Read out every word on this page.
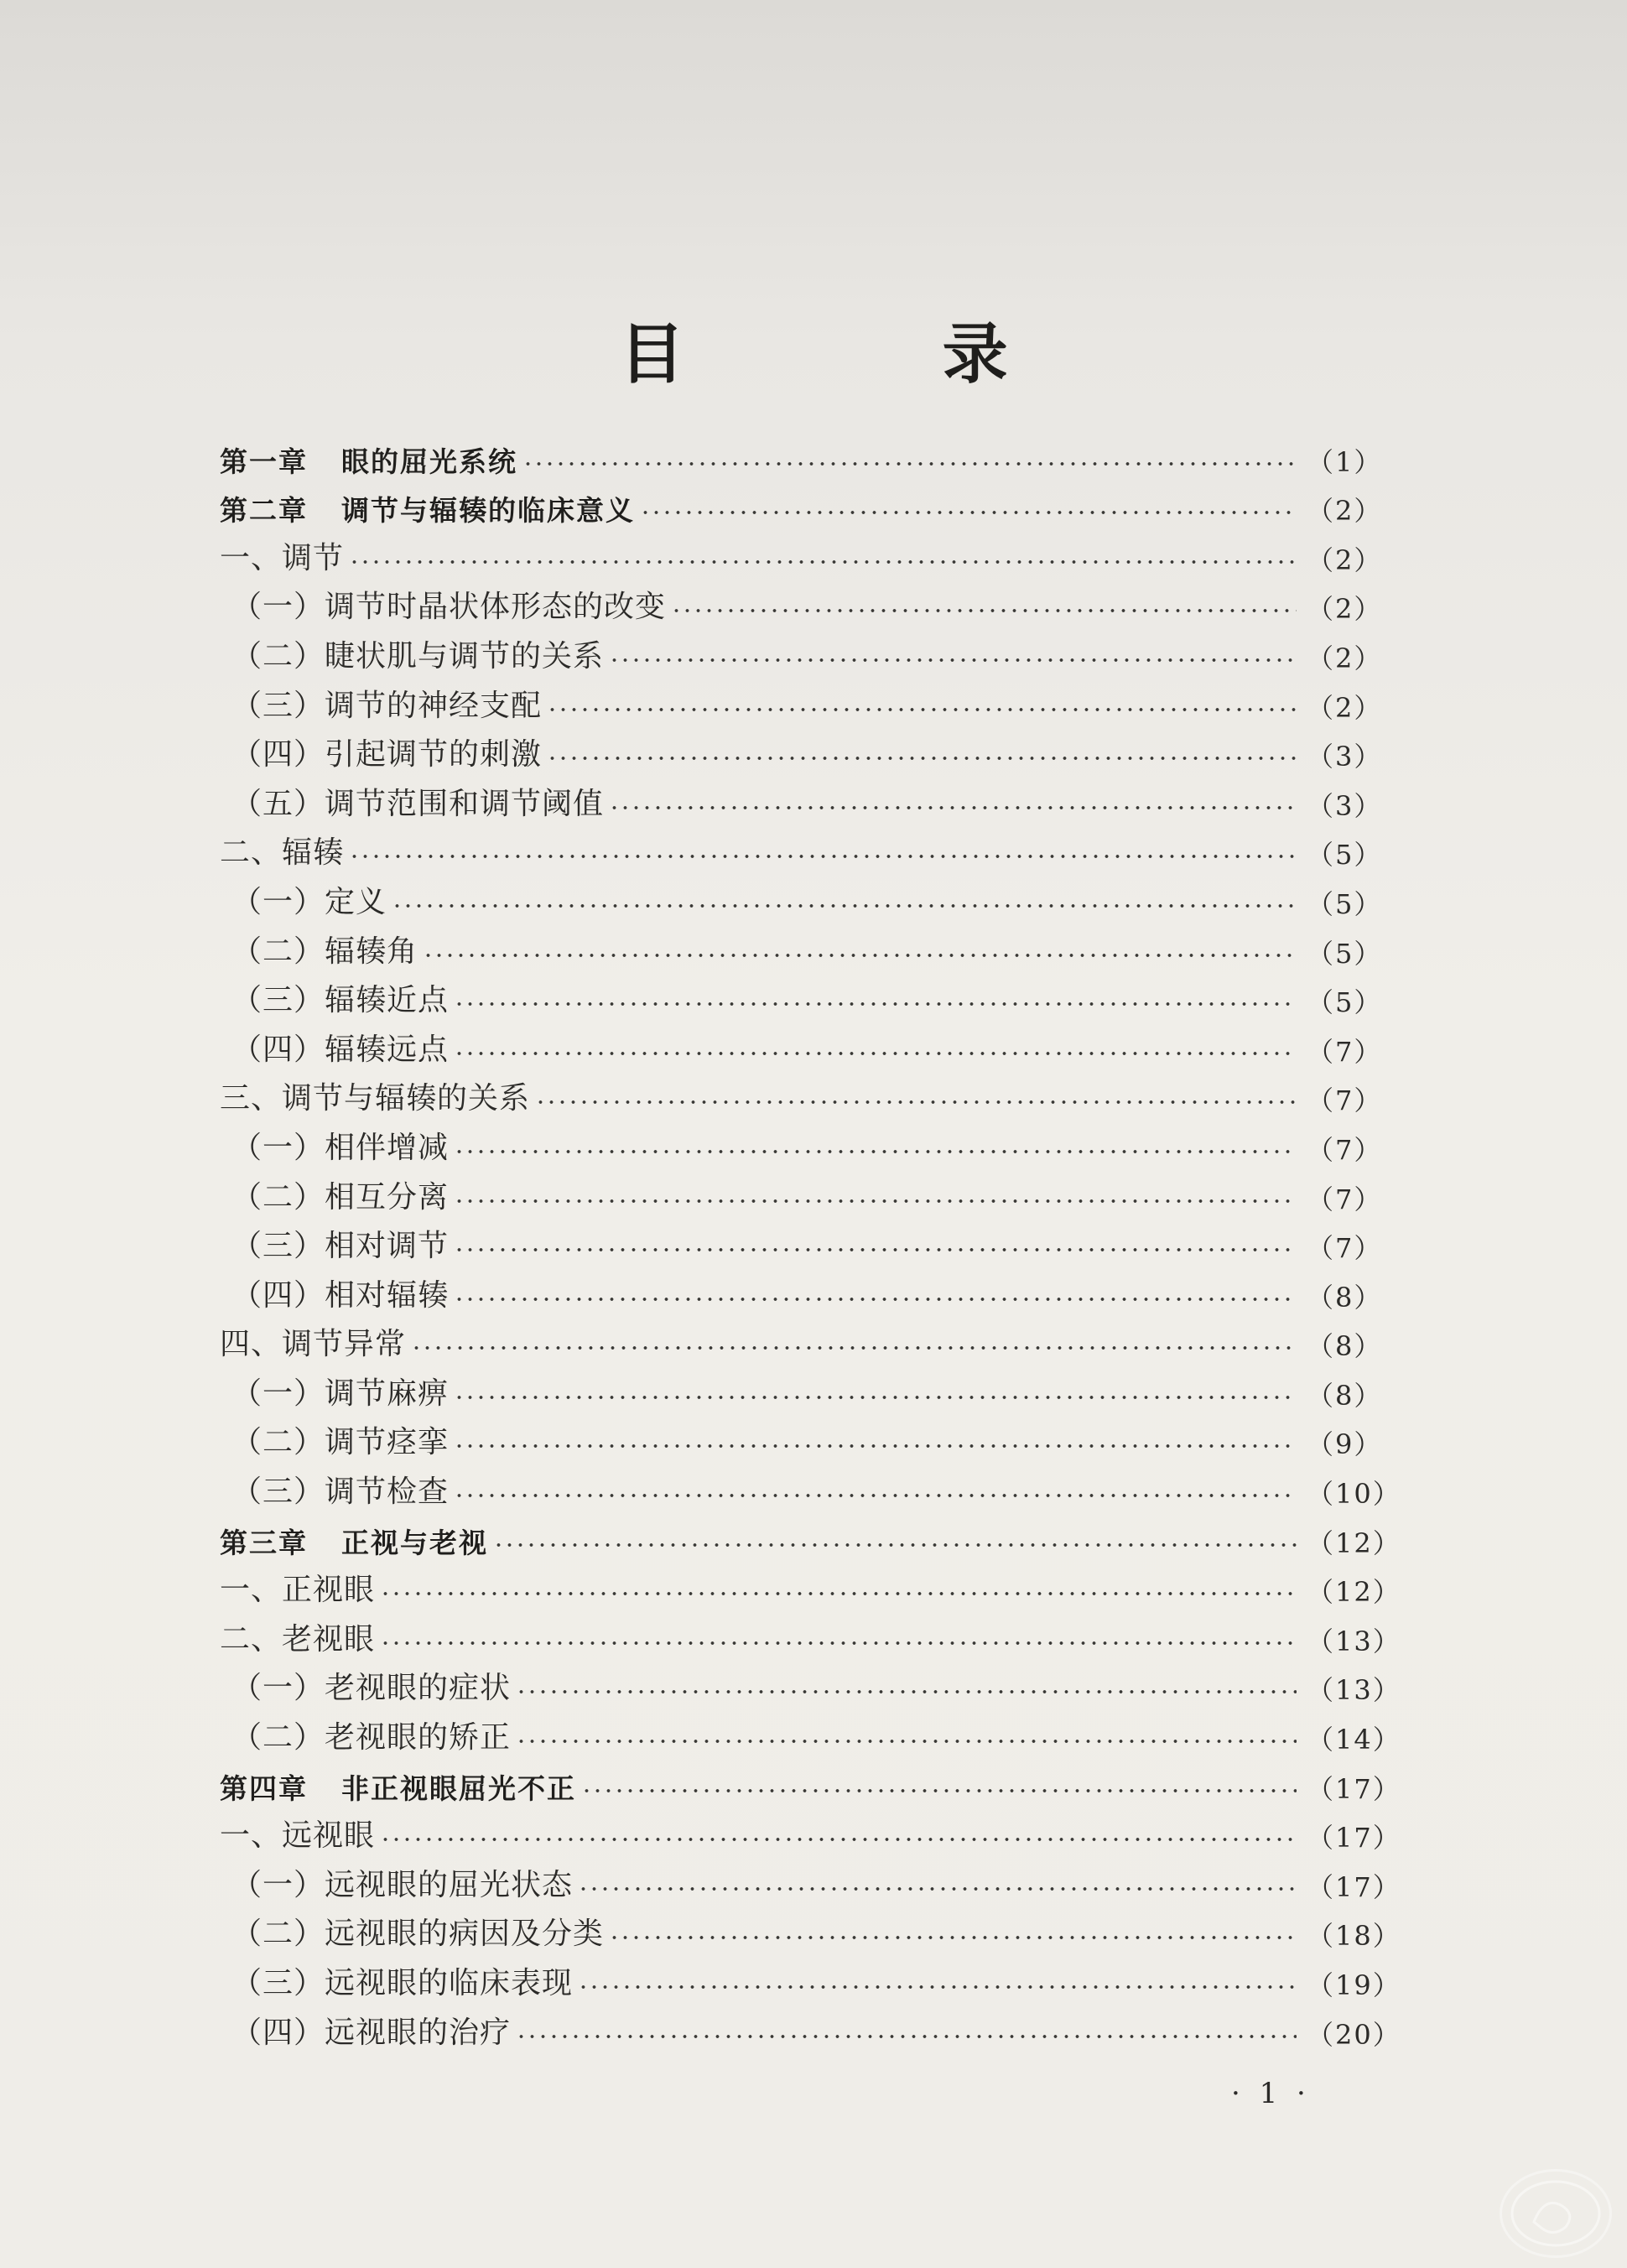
目 录
第一章 眼的屈光系统	（1）
第二章 调节与辐辏的临床意义	（2）
一、调节	（2）
（一）调节时晶状体形态的改变	（2）
（二）睫状肌与调节的关系	（2）
（三）调节的神经支配	（2）
（四）引起调节的刺激	（3）
（五）调节范围和调节阈值	（3）
二、辐辏	（5）
（一）定义	（5）
（二）辐辏角	（5）
（三）辐辏近点	（5）
（四）辐辏远点	（7）
三、调节与辐辏的关系	（7）
（一）相伴增减	（7）
（二）相互分离	（7）
（三）相对调节	（7）
（四）相对辐辏	（8）
四、调节异常	（8）
（一）调节麻痹	（8）
（二）调节痉挛	（9）
（三）调节检查	（10）
第三章 正视与老视	（12）
一、正视眼	（12）
二、老视眼	（13）
（一）老视眼的症状	（13）
（二）老视眼的矫正	（14）
第四章 非正视眼屈光不正	（17）
一、远视眼	（17）
（一）远视眼的屈光状态	（17）
（二）远视眼的病因及分类	（18）
（三）远视眼的临床表现	（19）
（四）远视眼的治疗	（20）
· 1 ·
